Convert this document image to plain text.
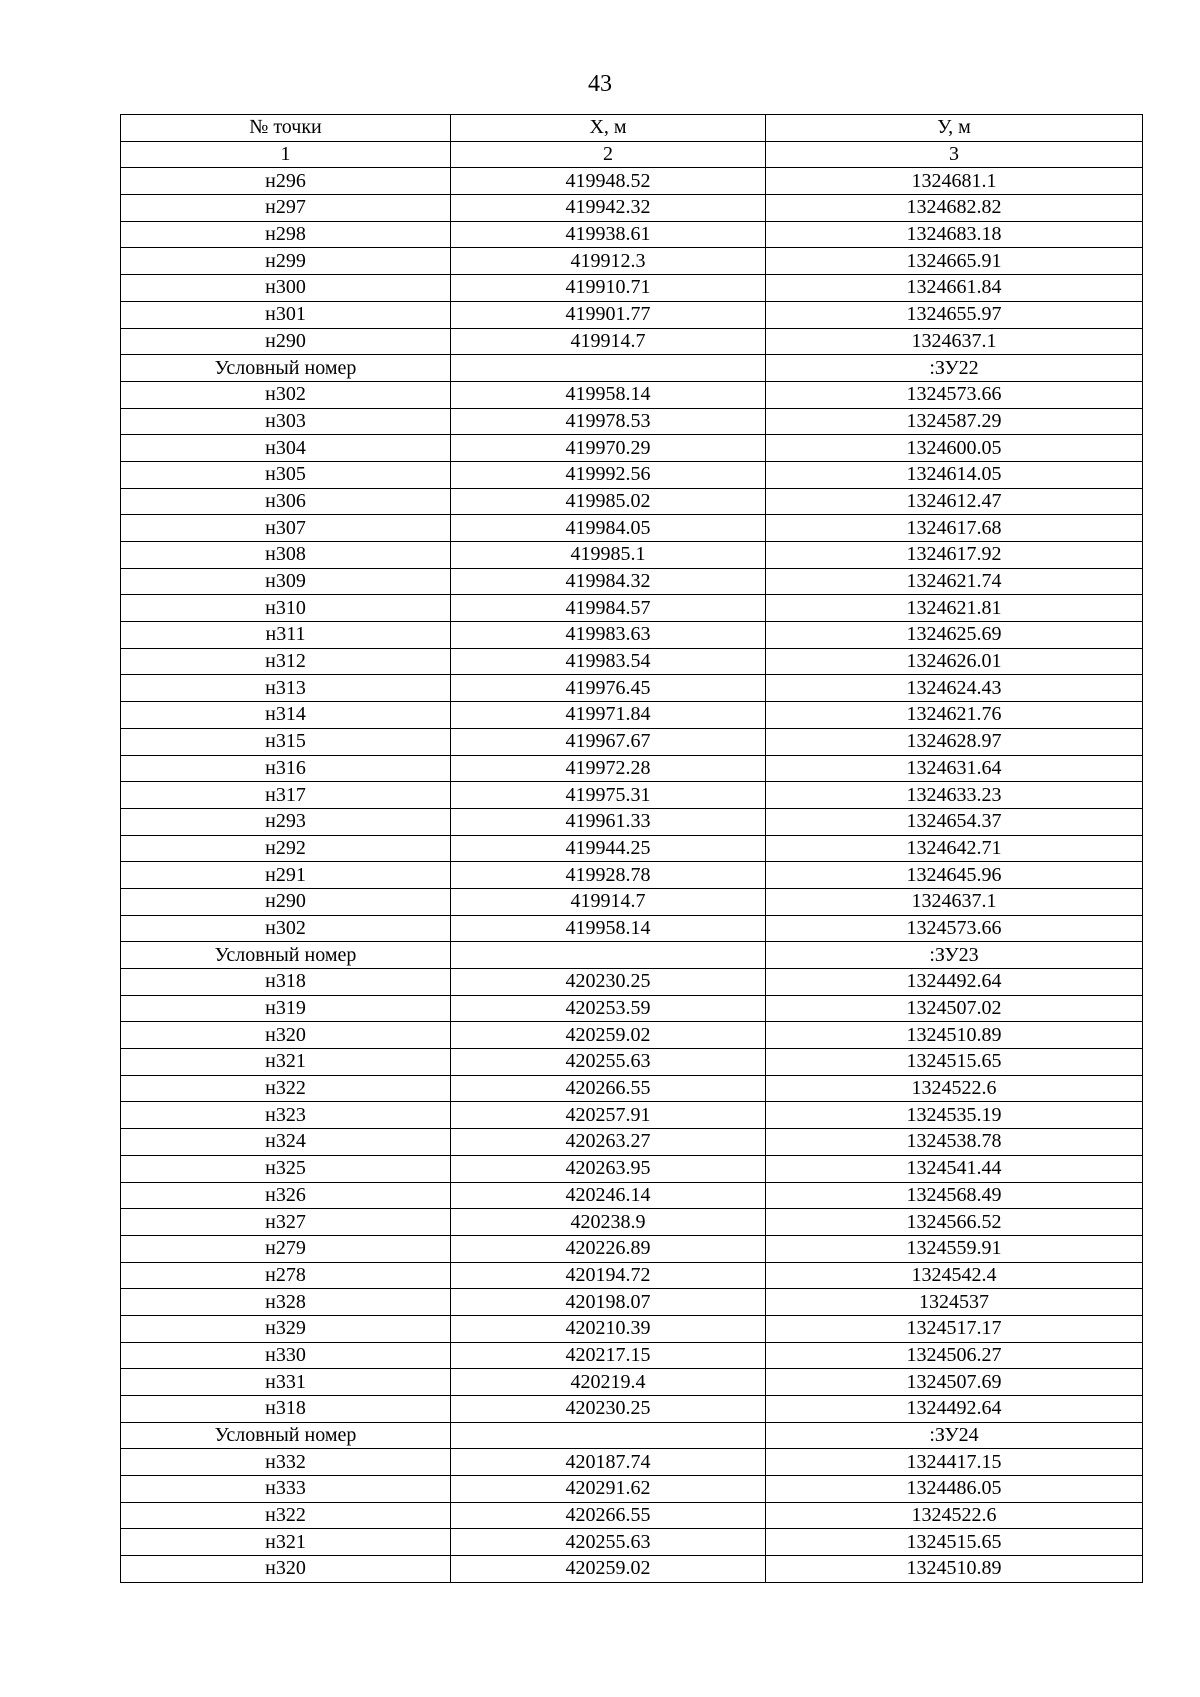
43
№ точки	Х, м	У, м
1	2	3
н296	419948.52	1324681.1
н297	419942.32	1324682.82
н298	419938.61	1324683.18
н299	419912.3	1324665.91
н300	419910.71	1324661.84
н301	419901.77	1324655.97
н290	419914.7	1324637.1
Условный номер		:ЗУ22
н302	419958.14	1324573.66
н303	419978.53	1324587.29
н304	419970.29	1324600.05
н305	419992.56	1324614.05
н306	419985.02	1324612.47
н307	419984.05	1324617.68
н308	419985.1	1324617.92
н309	419984.32	1324621.74
н310	419984.57	1324621.81
н311	419983.63	1324625.69
н312	419983.54	1324626.01
н313	419976.45	1324624.43
н314	419971.84	1324621.76
н315	419967.67	1324628.97
н316	419972.28	1324631.64
н317	419975.31	1324633.23
н293	419961.33	1324654.37
н292	419944.25	1324642.71
н291	419928.78	1324645.96
н290	419914.7	1324637.1
н302	419958.14	1324573.66
Условный номер		:ЗУ23
н318	420230.25	1324492.64
н319	420253.59	1324507.02
н320	420259.02	1324510.89
н321	420255.63	1324515.65
н322	420266.55	1324522.6
н323	420257.91	1324535.19
н324	420263.27	1324538.78
н325	420263.95	1324541.44
н326	420246.14	1324568.49
н327	420238.9	1324566.52
н279	420226.89	1324559.91
н278	420194.72	1324542.4
н328	420198.07	1324537
н329	420210.39	1324517.17
н330	420217.15	1324506.27
н331	420219.4	1324507.69
н318	420230.25	1324492.64
Условный номер		:ЗУ24
н332	420187.74	1324417.15
н333	420291.62	1324486.05
н322	420266.55	1324522.6
н321	420255.63	1324515.65
н320	420259.02	1324510.89
